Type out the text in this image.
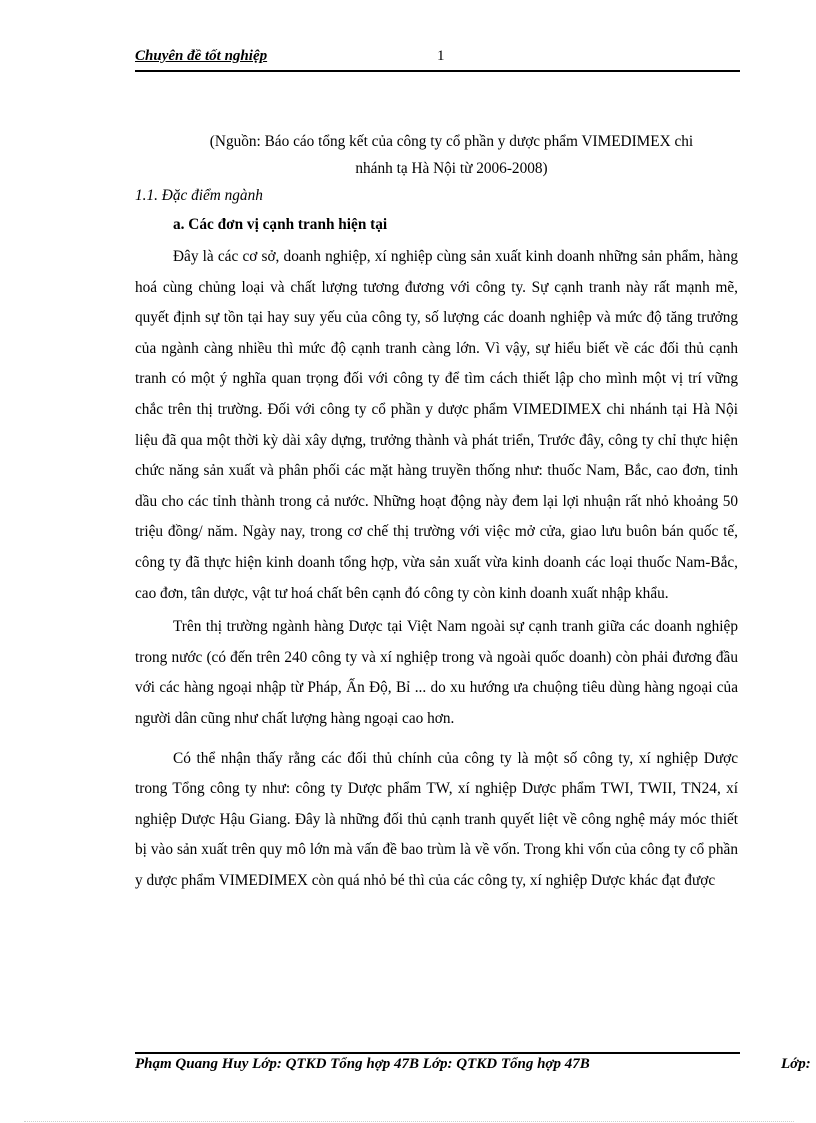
Chuyên đề tốt nghiệp	1

(Nguồn: Báo cáo tổng kết của công ty cổ phần y dược phẩm VIMEDIMEX chi
nhánh tạ Hà Nội từ 2006-2008)

1.1. Đặc điểm ngành

a. Các đơn vị cạnh tranh hiện tại

Đây là các cơ sở, doanh nghiệp, xí nghiệp cùng sản xuất kinh doanh những sản phẩm, hàng hoá cùng chủng loại và chất lượng tương đương với công ty. Sự cạnh tranh này rất mạnh mẽ, quyết định sự tồn tại hay suy yếu của công ty, số lượng các doanh nghiệp và mức độ tăng trưởng của ngành càng nhiều thì mức độ cạnh tranh càng lớn. Vì vậy, sự hiểu biết về các đối thủ cạnh tranh có một ý nghĩa quan trọng đối với công ty để tìm cách thiết lập cho mình một vị trí vững chắc trên thị trường. Đối với công ty cổ phần y dược phẩm VIMEDIMEX chi nhánh tại Hà Nội liệu đã qua một thời kỳ dài xây dựng, trưởng thành và phát triển, Trước đây, công ty chỉ thực hiện chức năng sản xuất và phân phối các mặt hàng truyền thống như: thuốc Nam, Bắc, cao đơn, tinh dầu cho các tỉnh thành trong cả nước. Những hoạt động này đem lại lợi nhuận rất nhỏ khoảng 50 triệu đồng/ năm. Ngày nay, trong cơ chế thị trường với việc mở cửa, giao lưu buôn bán quốc tế, công ty đã thực hiện kinh doanh tổng hợp, vừa sản xuất vừa kinh doanh các loại thuốc Nam-Bắc, cao đơn, tân dược, vật tư hoá chất bên cạnh đó công ty còn kinh doanh xuất nhập khẩu.

Trên thị trường ngành hàng Dược tại Việt Nam ngoài sự cạnh tranh giữa các doanh nghiệp trong nước (có đến trên 240 công ty và xí nghiệp trong và ngoài quốc doanh) còn phải đương đầu với các hàng ngoại nhập từ Pháp, Ấn Độ, Bỉ ... do xu hướng ưa chuộng tiêu dùng hàng ngoại của người dân cũng như chất lượng hàng ngoại cao hơn.

Có thể nhận thấy rằng các đối thủ chính của công ty là một số công ty, xí nghiệp Dược trong Tổng công ty như: công ty Dược phẩm TW, xí nghiệp Dược phẩm TWI, TWII, TN24, xí nghiệp Dược Hậu Giang. Đây là những đối thủ cạnh tranh quyết liệt về công nghệ máy móc thiết bị vào sản xuất trên quy mô lớn mà vấn đề bao trùm là về vốn. Trong khi vốn của công ty cổ phần y dược phẩm VIMEDIMEX còn quá nhỏ bé thì của các công ty, xí nghiệp Dược khác đạt được

Phạm Quang Huy Lớp: QTKD Tổng hợp 47B Lớp: QTKD Tổng hợp 47B	Lớp:
